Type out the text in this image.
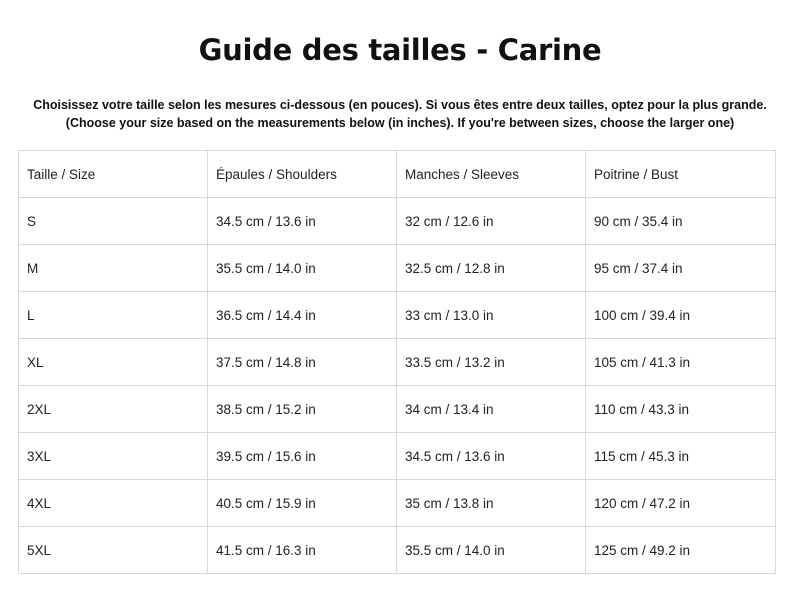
Guide des tailles - Carine
Choisissez votre taille selon les mesures ci-dessous (en pouces). Si vous êtes entre deux tailles, optez pour la plus grande.
(Choose your size based on the measurements below (in inches). If you're between sizes, choose the larger one)
Taille / Size	Épaules / Shoulders	Manches / Sleeves	Poitrine / Bust
S	34.5 cm / 13.6 in	32 cm / 12.6 in	90 cm / 35.4 in
M	35.5 cm / 14.0 in	32.5 cm / 12.8 in	95 cm / 37.4 in
L	36.5 cm / 14.4 in	33 cm / 13.0 in	100 cm / 39.4 in
XL	37.5 cm / 14.8 in	33.5 cm / 13.2 in	105 cm / 41.3 in
2XL	38.5 cm / 15.2 in	34 cm / 13.4 in	110 cm / 43.3 in
3XL	39.5 cm / 15.6 in	34.5 cm / 13.6 in	115 cm / 45.3 in
4XL	40.5 cm / 15.9 in	35 cm / 13.8 in	120 cm / 47.2 in
5XL	41.5 cm / 16.3 in	35.5 cm / 14.0 in	125 cm / 49.2 in
